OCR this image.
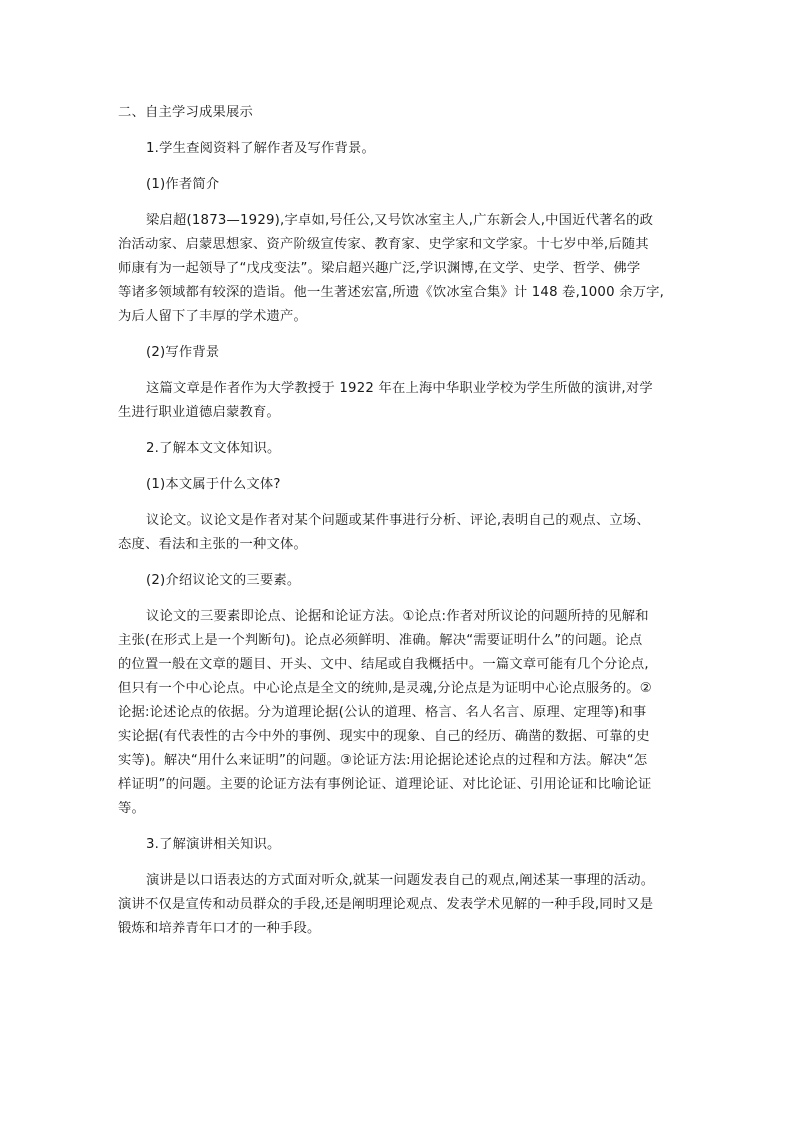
二、自主学习成果展示
1.学生查阅资料了解作者及写作背景。
(1)作者简介
梁启超(1873—1929),字卓如,号任公,又号饮冰室主人,广东新会人,中国近代著名的政
治活动家、启蒙思想家、资产阶级宣传家、教育家、史学家和文学家。十七岁中举,后随其
师康有为一起领导了“戊戌变法”。梁启超兴趣广泛,学识渊博,在文学、史学、哲学、佛学
等诸多领域都有较深的造诣。他一生著述宏富,所遗《饮冰室合集》计 148 卷,1000 余万字,
为后人留下了丰厚的学术遗产。
(2)写作背景
这篇文章是作者作为大学教授于 1922 年在上海中华职业学校为学生所做的演讲,对学
生进行职业道德启蒙教育。
2.了解本文文体知识。
(1)本文属于什么文体?
议论文。议论文是作者对某个问题或某件事进行分析、评论,表明自己的观点、立场、
态度、看法和主张的一种文体。
(2)介绍议论文的三要素。
议论文的三要素即论点、论据和论证方法。①论点:作者对所议论的问题所持的见解和
主张(在形式上是一个判断句)。论点必须鲜明、准确。解决“需要证明什么”的问题。论点
的位置一般在文章的题目、开头、文中、结尾或自我概括中。一篇文章可能有几个分论点,
但只有一个中心论点。中心论点是全文的统帅,是灵魂,分论点是为证明中心论点服务的。②
论据:论述论点的依据。分为道理论据(公认的道理、格言、名人名言、原理、定理等)和事
实论据(有代表性的古今中外的事例、现实中的现象、自己的经历、确凿的数据、可靠的史
实等)。解决“用什么来证明”的问题。③论证方法:用论据论述论点的过程和方法。解决“怎
样证明”的问题。主要的论证方法有事例论证、道理论证、对比论证、引用论证和比喻论证
等。
3.了解演讲相关知识。
演讲是以口语表达的方式面对听众,就某一问题发表自己的观点,阐述某一事理的活动。
演讲不仅是宣传和动员群众的手段,还是阐明理论观点、发表学术见解的一种手段,同时又是
锻炼和培养青年口才的一种手段。
